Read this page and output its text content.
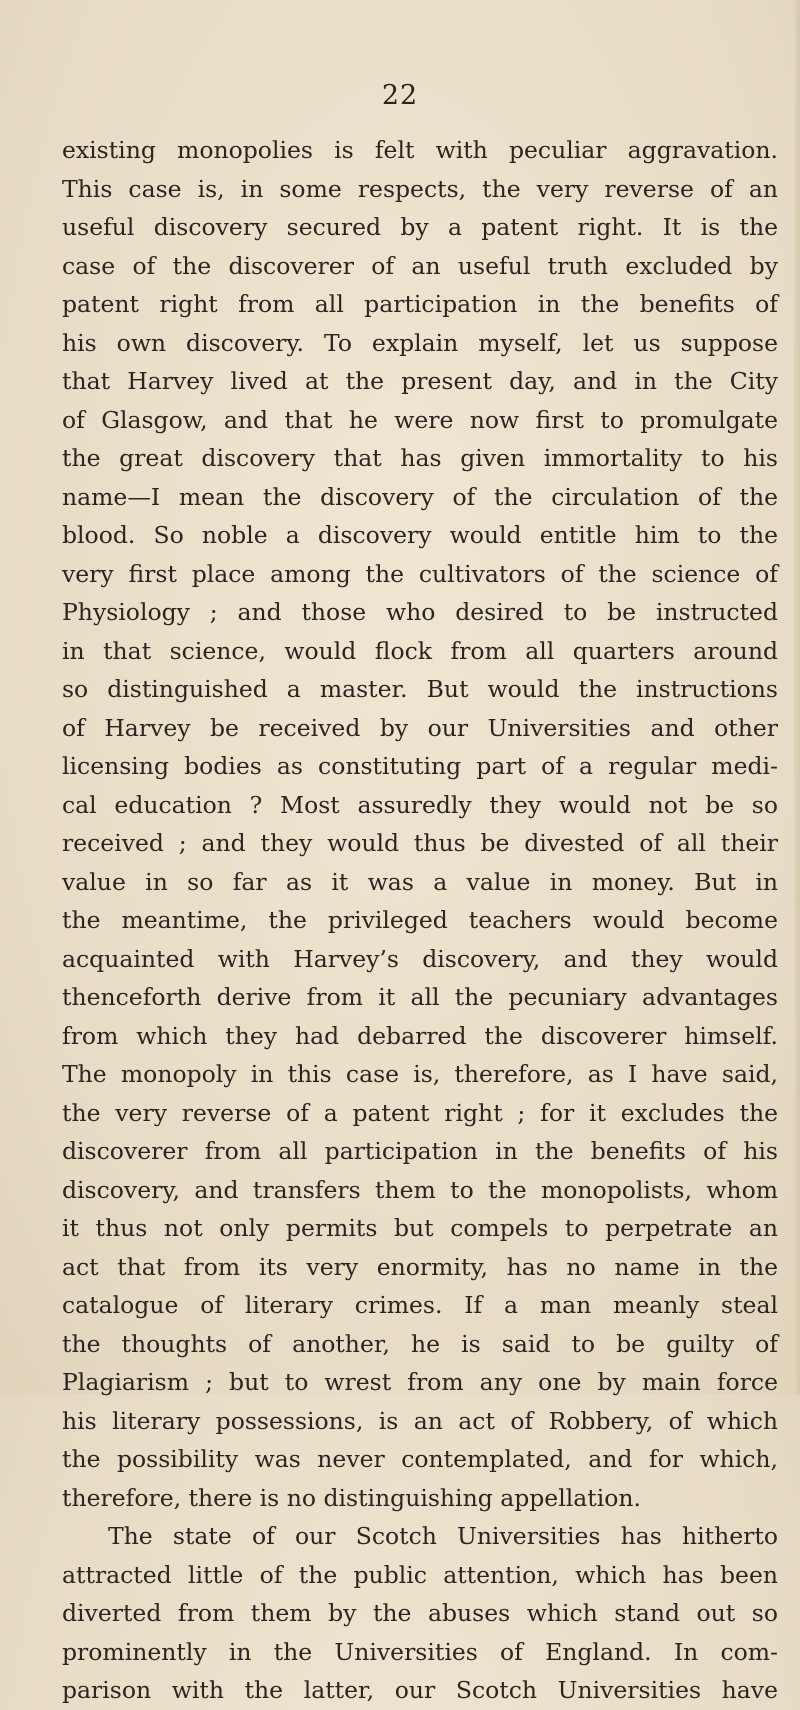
22
existing monopolies is felt with peculiar aggravation.
This case is, in some respects, the very reverse of an
useful discovery secured by a patent right. It is the
case of the discoverer of an useful truth excluded by
patent right from all participation in the benefits of
his own discovery. To explain myself, let us suppose
that Harvey lived at the present day, and in the City
of Glasgow, and that he were now first to promulgate
the great discovery that has given immortality to his
name—I mean the discovery of the circulation of the
blood. So noble a discovery would entitle him to the
very first place among the cultivators of the science of
Physiology ; and those who desired to be instructed
in that science, would flock from all quarters around
so distinguished a master. But would the instructions
of Harvey be received by our Universities and other
licensing bodies as constituting part of a regular medi-
cal education ? Most assuredly they would not be so
received ; and they would thus be divested of all their
value in so far as it was a value in money. But in
the meantime, the privileged teachers would become
acquainted with Harvey’s discovery, and they would
thenceforth derive from it all the pecuniary advantages
from which they had debarred the discoverer himself.
The monopoly in this case is, therefore, as I have said,
the very reverse of a patent right ; for it excludes the
discoverer from all participation in the benefits of his
discovery, and transfers them to the monopolists, whom
it thus not only permits but compels to perpetrate an
act that from its very enormity, has no name in the
catalogue of literary crimes. If a man meanly steal
the thoughts of another, he is said to be guilty of
Plagiarism ; but to wrest from any one by main force
his literary possessions, is an act of Robbery, of which
the possibility was never contemplated, and for which,
therefore, there is no distinguishing appellation.
The state of our Scotch Universities has hitherto
attracted little of the public attention, which has been
diverted from them by the abuses which stand out so
prominently in the Universities of England. In com-
parison with the latter, our Scotch Universities have
